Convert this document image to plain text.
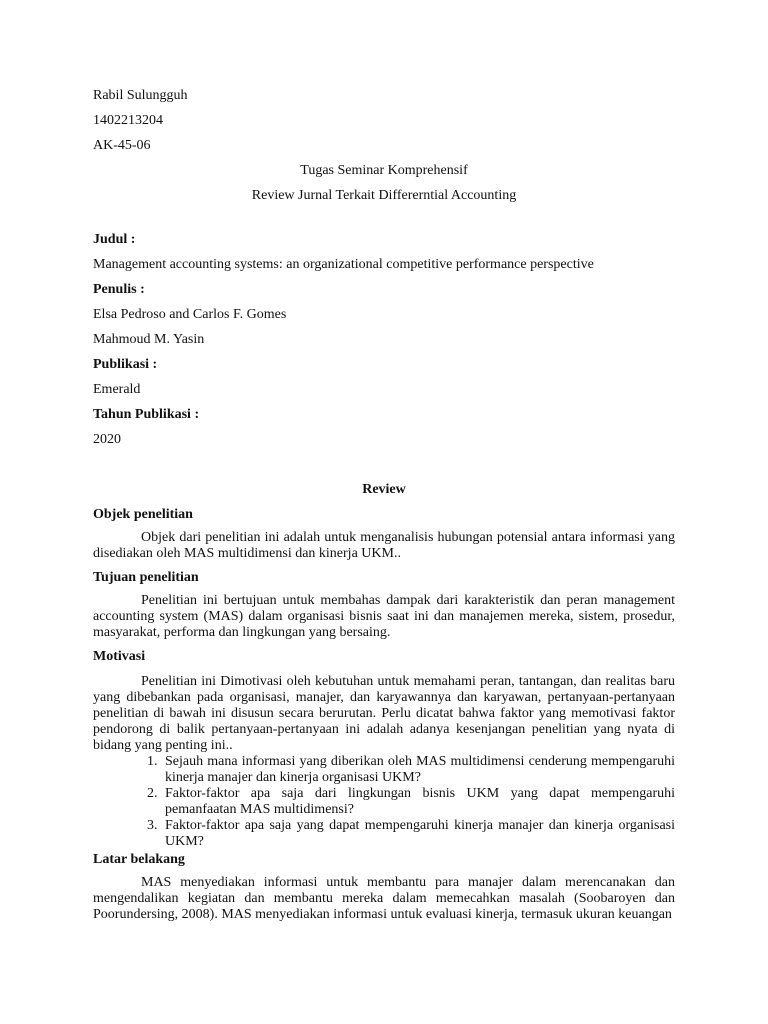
Rabil Sulungguh

1402213204

AK-45-06

Tugas Seminar Komprehensif

Review Jurnal Terkait Differerntial Accounting

Judul :

Management accounting systems: an organizational competitive performance perspective

Penulis :

Elsa Pedroso and Carlos F. Gomes

Mahmoud M. Yasin

Publikasi :

Emerald

Tahun Publikasi :

2020

Review

Objek penelitian

Objek dari penelitian ini adalah untuk menganalisis hubungan potensial antara informasi yang disediakan oleh MAS multidimensi dan kinerja UKM..

Tujuan penelitian

Penelitian ini bertujuan untuk membahas dampak dari karakteristik dan peran management accounting system (MAS) dalam organisasi bisnis saat ini dan manajemen mereka, sistem, prosedur, masyarakat, performa dan lingkungan yang bersaing.

Motivasi

Penelitian ini Dimotivasi oleh kebutuhan untuk memahami peran, tantangan, dan realitas baru yang dibebankan pada organisasi, manajer, dan karyawannya dan karyawan, pertanyaan-pertanyaan penelitian di bawah ini disusun secara berurutan. Perlu dicatat bahwa faktor yang memotivasi faktor pendorong di balik pertanyaan-pertanyaan ini adalah adanya kesenjangan penelitian yang nyata di bidang yang penting ini..

1. Sejauh mana informasi yang diberikan oleh MAS multidimensi cenderung mempengaruhi kinerja manajer dan kinerja organisasi UKM?
2. Faktor-faktor apa saja dari lingkungan bisnis UKM yang dapat mempengaruhi pemanfaatan MAS multidimensi?
3. Faktor-faktor apa saja yang dapat mempengaruhi kinerja manajer dan kinerja organisasi UKM?

Latar belakang

MAS menyediakan informasi untuk membantu para manajer dalam merencanakan dan mengendalikan kegiatan dan membantu mereka dalam memecahkan masalah (Soobaroyen dan Poorundersing, 2008). MAS menyediakan informasi untuk evaluasi kinerja, termasuk ukuran keuangan
